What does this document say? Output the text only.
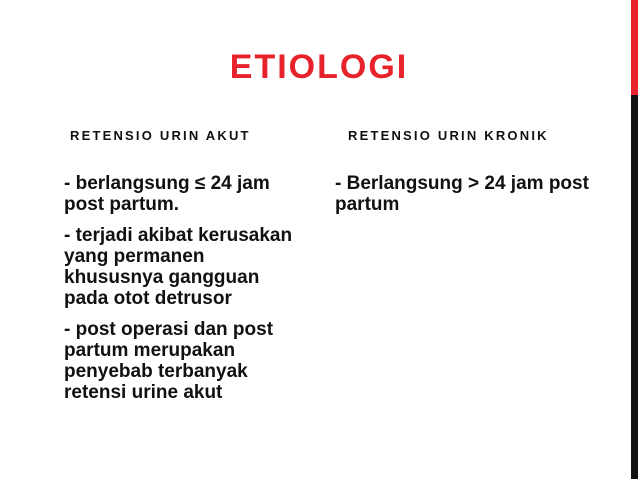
ETIOLOGI
RETENSIO URIN AKUT	RETENSIO URIN KRONIK
- berlangsung ≤ 24 jam post partum.
- terjadi akibat kerusakan yang permanen khususnya gangguan pada otot detrusor
- post operasi dan post partum merupakan penyebab terbanyak retensi urine akut
- Berlangsung > 24 jam post partum
